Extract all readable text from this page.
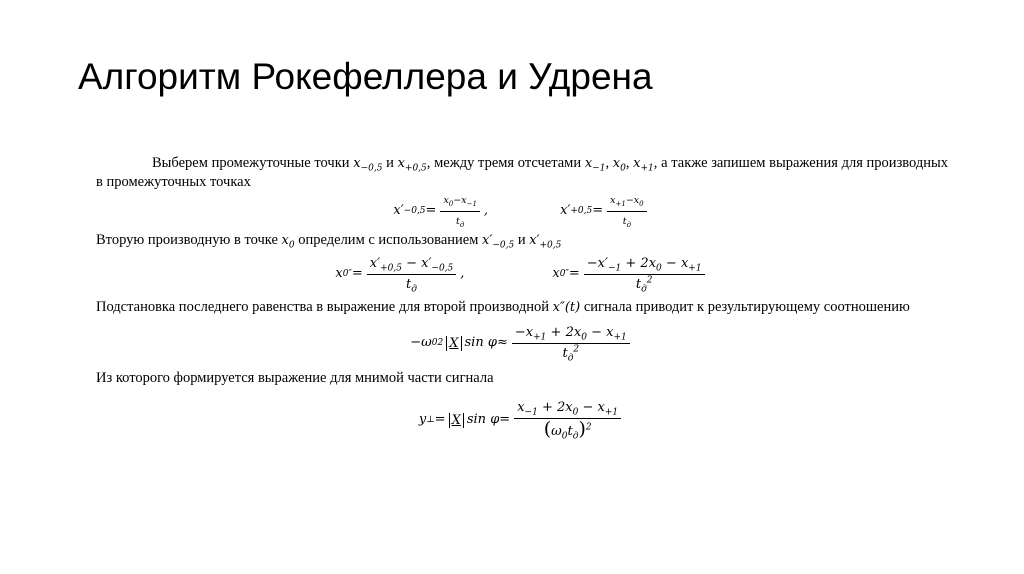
Алгоритм Рокефеллера и Удрена

Выберем промежуточные точки $x_{-0,5}$ и $x_{+0,5}$, между тремя отсчетами $x_{-1}$, $x_0$, $x_{+1}$, а также запишем выражения для производных в промежуточных точках

x ′ $-0,5 = \frac{x_0-x_{-1}}{t_д}$ ,	x ′ $+0,5 = \frac{x_{+1}-x_0}{t_д}$

Вторую производную в точке $x_0$ определим с использованием $x'_{-0,5}$ и $x'_{+0,5}$

x 0 ″ = $\frac{x'_{+0,5} - x'_{-0,5}}{t_д}$ ,	x 0 ″ = $\frac{-x'_{-1} + 2x_0 - x_{+1}}{t_д^2}$

Подстановка последнего равенства в выражение для второй производной x″(t) сигнала приводит к результирующему соотношению

− ω 0 2 X sin
$\varphi \approx \frac{-x_{+1} + 2x_0 - x_{+1}}{t_д^2}$

Из которого формируется выражение для мнимой части сигнала

y ⊥ = X sin
$\varphi = \frac{x_{-1} + 2x_0 - x_{+1}}{(\omega_0t_д)^2}$
